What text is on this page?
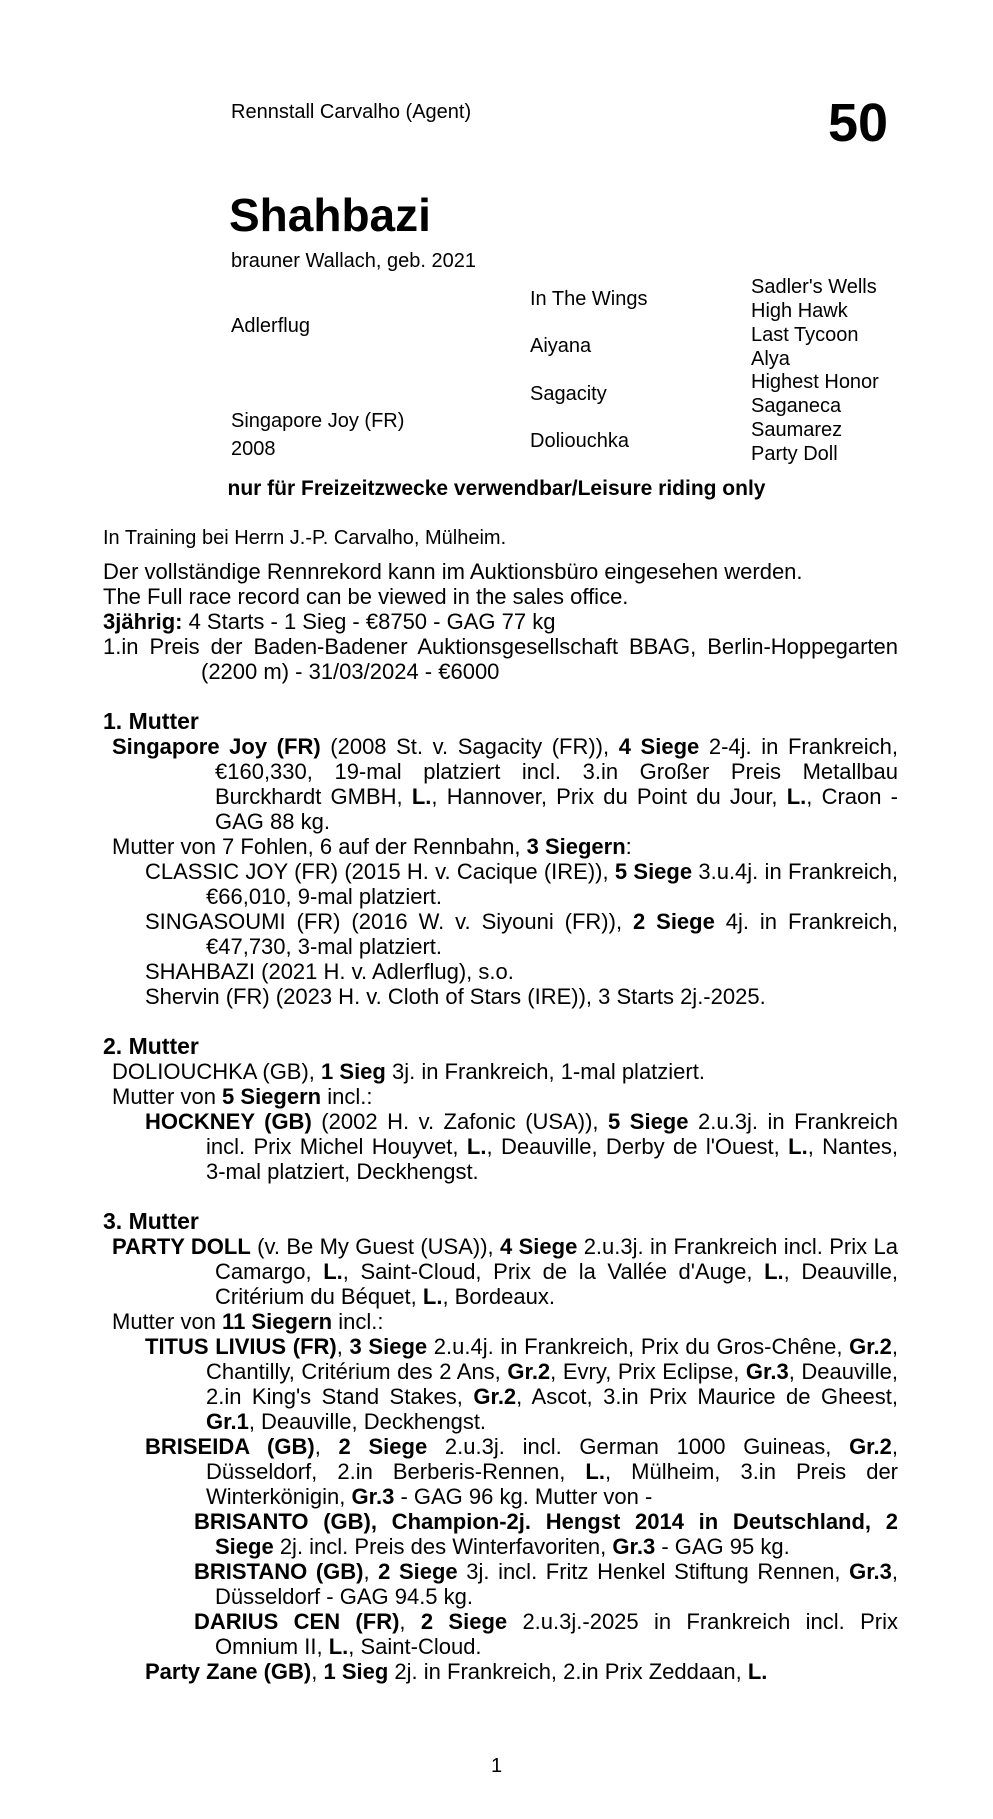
Rennstall Carvalho (Agent)	50
Shahbazi
brauner Wallach, geb. 2021
Adlerflug
Singapore Joy (FR)
2008
In The Wings
Aiyana
Sagacity
Doliouchka
Sadler's Wells
High Hawk
Last Tycoon
Alya
Highest Honor
Saganeca
Saumarez
Party Doll
nur für Freizeitzwecke verwendbar/Leisure riding only
In Training bei Herrn J.-P. Carvalho, Mülheim.
Der vollständige Rennrekord kann im Auktionsbüro eingesehen werden.
The Full race record can be viewed in the sales office.
3jährig: 4 Starts - 1 Sieg - €8750 - GAG 77 kg
1.in Preis der Baden-Badener Auktionsgesellschaft BBAG, Berlin-Hoppegarten (2200 m) - 31/03/2024 - €6000
1. Mutter
Singapore Joy (FR) (2008 St. v. Sagacity (FR)), 4 Siege 2-4j. in Frankreich, €160,330, 19-mal platziert incl. 3.in Großer Preis Metallbau Burckhardt GMBH, L., Hannover, Prix du Point du Jour, L., Craon - GAG 88 kg.
Mutter von 7 Fohlen, 6 auf der Rennbahn, 3 Siegern:
CLASSIC JOY (FR) (2015 H. v. Cacique (IRE)), 5 Siege 3.u.4j. in Frankreich, €66,010, 9-mal platziert.
SINGASOUMI (FR) (2016 W. v. Siyouni (FR)), 2 Siege 4j. in Frankreich, €47,730, 3-mal platziert.
SHAHBAZI (2021 H. v. Adlerflug), s.o.
Shervin (FR) (2023 H. v. Cloth of Stars (IRE)), 3 Starts 2j.-2025.
2. Mutter
DOLIOUCHKA (GB), 1 Sieg 3j. in Frankreich, 1-mal platziert.
Mutter von 5 Siegern incl.:
HOCKNEY (GB) (2002 H. v. Zafonic (USA)), 5 Siege 2.u.3j. in Frankreich incl. Prix Michel Houyvet, L., Deauville, Derby de l'Ouest, L., Nantes, 3-mal platziert, Deckhengst.
3. Mutter
PARTY DOLL (v. Be My Guest (USA)), 4 Siege 2.u.3j. in Frankreich incl. Prix La Camargo, L., Saint-Cloud, Prix de la Vallée d'Auge, L., Deauville, Critérium du Béquet, L., Bordeaux.
Mutter von 11 Siegern incl.:
TITUS LIVIUS (FR), 3 Siege 2.u.4j. in Frankreich, Prix du Gros-Chêne, Gr.2, Chantilly, Critérium des 2 Ans, Gr.2, Evry, Prix Eclipse, Gr.3, Deauville, 2.in King's Stand Stakes, Gr.2, Ascot, 3.in Prix Maurice de Gheest, Gr.1, Deauville, Deckhengst.
BRISEIDA (GB), 2 Siege 2.u.3j. incl. German 1000 Guineas, Gr.2, Düsseldorf, 2.in Berberis-Rennen, L., Mülheim, 3.in Preis der Winterkönigin, Gr.3 - GAG 96 kg. Mutter von -
BRISANTO (GB), Champion-2j. Hengst 2014 in Deutschland, 2 Siege 2j. incl. Preis des Winterfavoriten, Gr.3 - GAG 95 kg.
BRISTANO (GB), 2 Siege 3j. incl. Fritz Henkel Stiftung Rennen, Gr.3, Düsseldorf - GAG 94.5 kg.
DARIUS CEN (FR), 2 Siege 2.u.3j.-2025 in Frankreich incl. Prix Omnium II, L., Saint-Cloud.
Party Zane (GB), 1 Sieg 2j. in Frankreich, 2.in Prix Zeddaan, L.
1
